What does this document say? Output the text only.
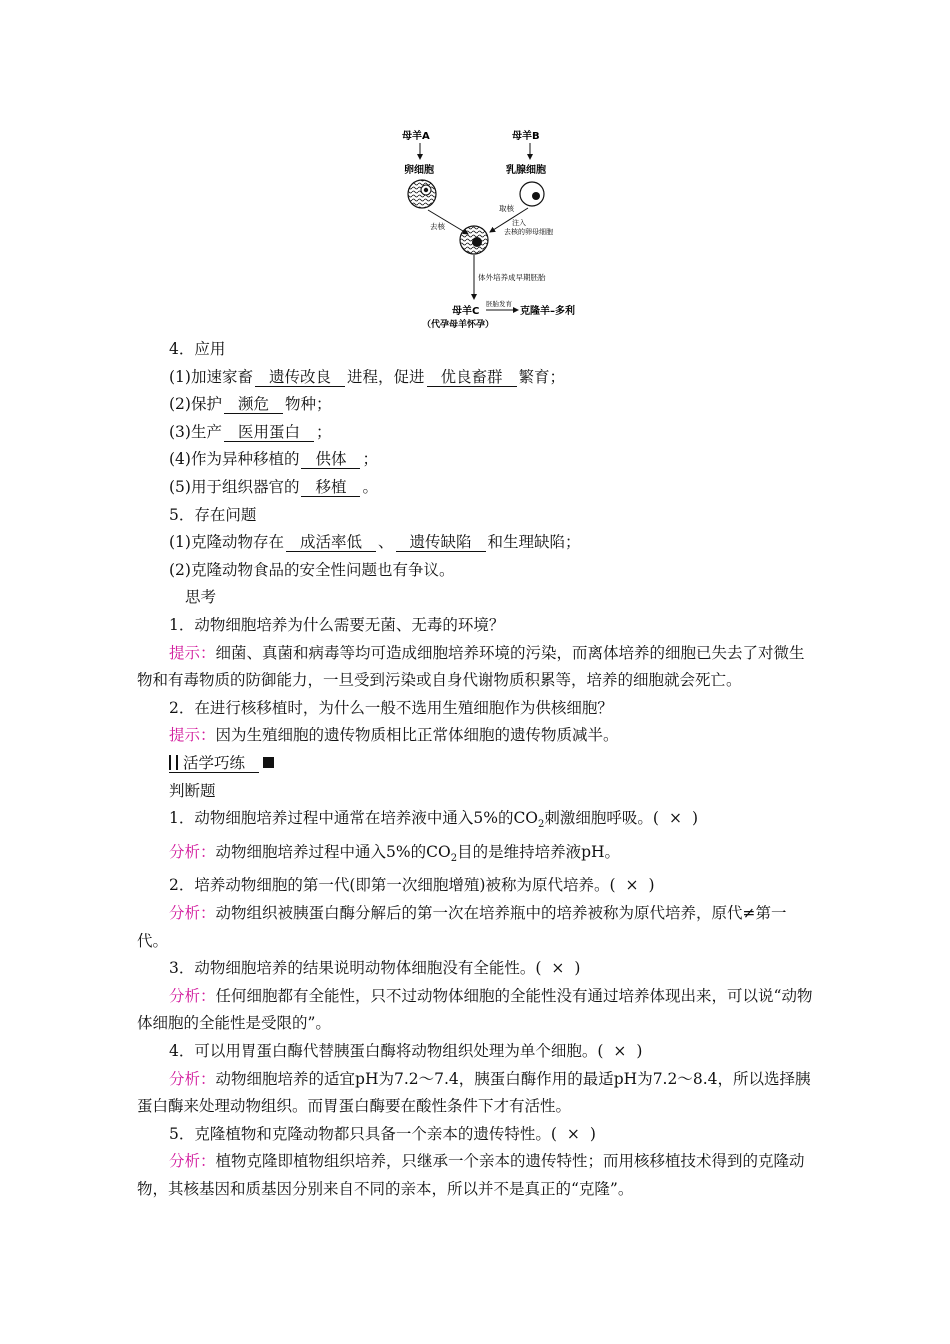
母羊A	母羊B
卵细胞	乳腺细胞
去核
取核
注入
去核的卵母细胞
体外培养成早期胚胎
母羊C
胚胎发育
克隆羊–多利
（代孕母羊怀孕）
4．应用
(1)加速家畜 遗传改良 进程，促进 优良畜群 繁育；
(2)保护 濒危 物种；
(3)生产 医用蛋白 ；
(4)作为异种移植的 供体 ；
(5)用于组织器官的 移植 。
5．存在问题
(1)克隆动物存在 成活率低 、 遗传缺陷 和生理缺陷；
(2)克隆动物食品的安全性问题也有争议。
思考
1．动物细胞培养为什么需要无菌、无毒的环境？
提示：细菌、真菌和病毒等均可造成细胞培养环境的污染，而离体培养的细胞已失去了对微生物和有毒物质的防御能力，一旦受到污染或自身代谢物质积累等，培养的细胞就会死亡。
2．在进行核移植时，为什么一般不选用生殖细胞作为供核细胞？
提示：因为生殖细胞的遗传物质相比正常体细胞的遗传物质减半。
活学巧练
判断题
1．动物细胞培养过程中通常在培养液中通入5%的$CO_2$刺激细胞呼吸。( × )
分析：动物细胞培养过程中通入5%的$CO_2$目的是维持培养液pH。
2．培养动物细胞的第一代(即第一次细胞增殖)被称为原代培养。( × )
分析：动物组织被胰蛋白酶分解后的第一次在培养瓶中的培养被称为原代培养，原代≠第一代。
3．动物细胞培养的结果说明动物体细胞没有全能性。( × )
分析：任何细胞都有全能性，只不过动物体细胞的全能性没有通过培养体现出来，可以说“动物体细胞的全能性是受限的”。
4．可以用胃蛋白酶代替胰蛋白酶将动物组织处理为单个细胞。( × )
分析：动物细胞培养的适宜pH为7.2～7.4，胰蛋白酶作用的最适pH为7.2～8.4，所以选择胰蛋白酶来处理动物组织。而胃蛋白酶要在酸性条件下才有活性。
5．克隆植物和克隆动物都只具备一个亲本的遗传特性。( × )
分析：植物克隆即植物组织培养，只继承一个亲本的遗传特性；而用核移植技术得到的克隆动物，其核基因和质基因分别来自不同的亲本，所以并不是真正的“克隆”。
